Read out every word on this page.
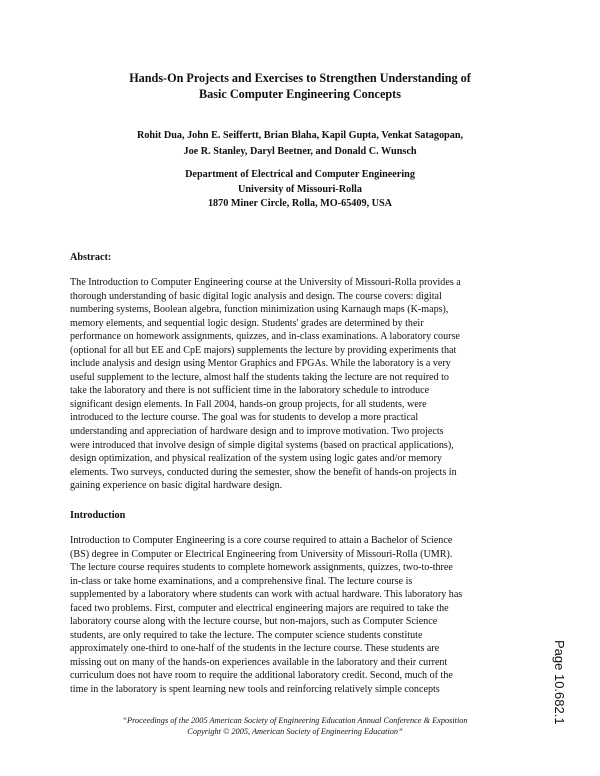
Hands-On Projects and Exercises to Strengthen Understanding of
Basic Computer Engineering Concepts
Rohit Dua, John E. Seiffertt, Brian Blaha, Kapil Gupta, Venkat Satagopan,
Joe R. Stanley, Daryl Beetner, and Donald C. Wunsch
Department of Electrical and Computer Engineering
University of Missouri-Rolla
1870 Miner Circle, Rolla, MO-65409, USA
Abstract:
The Introduction to Computer Engineering course at the University of Missouri-Rolla provides a
thorough understanding of basic digital logic analysis and design. The course covers: digital
numbering systems, Boolean algebra, function minimization using Karnaugh maps (K-maps),
memory elements, and sequential logic design. Students' grades are determined by their
performance on homework assignments, quizzes, and in-class examinations. A laboratory course
(optional for all but EE and CpE majors) supplements the lecture by providing experiments that
include analysis and design using Mentor Graphics and FPGAs. While the laboratory is a very
useful supplement to the lecture, almost half the students taking the lecture are not required to
take the laboratory and there is not sufficient time in the laboratory schedule to introduce
significant design elements. In Fall 2004, hands-on group projects, for all students, were
introduced to the lecture course. The goal was for students to develop a more practical
understanding and appreciation of hardware design and to improve motivation. Two projects
were introduced that involve design of simple digital systems (based on practical applications),
design optimization, and physical realization of the system using logic gates and/or memory
elements. Two surveys, conducted during the semester, show the benefit of hands-on projects in
gaining experience on basic digital hardware design.
Introduction
Introduction to Computer Engineering is a core course required to attain a Bachelor of Science
(BS) degree in Computer or Electrical Engineering from University of Missouri-Rolla (UMR).
The lecture course requires students to complete homework assignments, quizzes, two-to-three
in-class or take home examinations, and a comprehensive final. The lecture course is
supplemented by a laboratory where students can work with actual hardware. This laboratory has
faced two problems. First, computer and electrical engineering majors are required to take the
laboratory course along with the lecture course, but non-majors, such as Computer Science
students, are only required to take the lecture. The computer science students constitute
approximately one-third to one-half of the students in the lecture course. These students are
missing out on many of the hands-on experiences available in the laboratory and their current
curriculum does not have room to require the additional laboratory credit. Second, much of the
time in the laboratory is spent learning new tools and reinforcing relatively simple concepts
“Proceedings of the 2005 American Society of Engineering Education Annual Conference & Exposition
Copyright © 2005, American Society of Engineering Education”
Page 10.682.1
